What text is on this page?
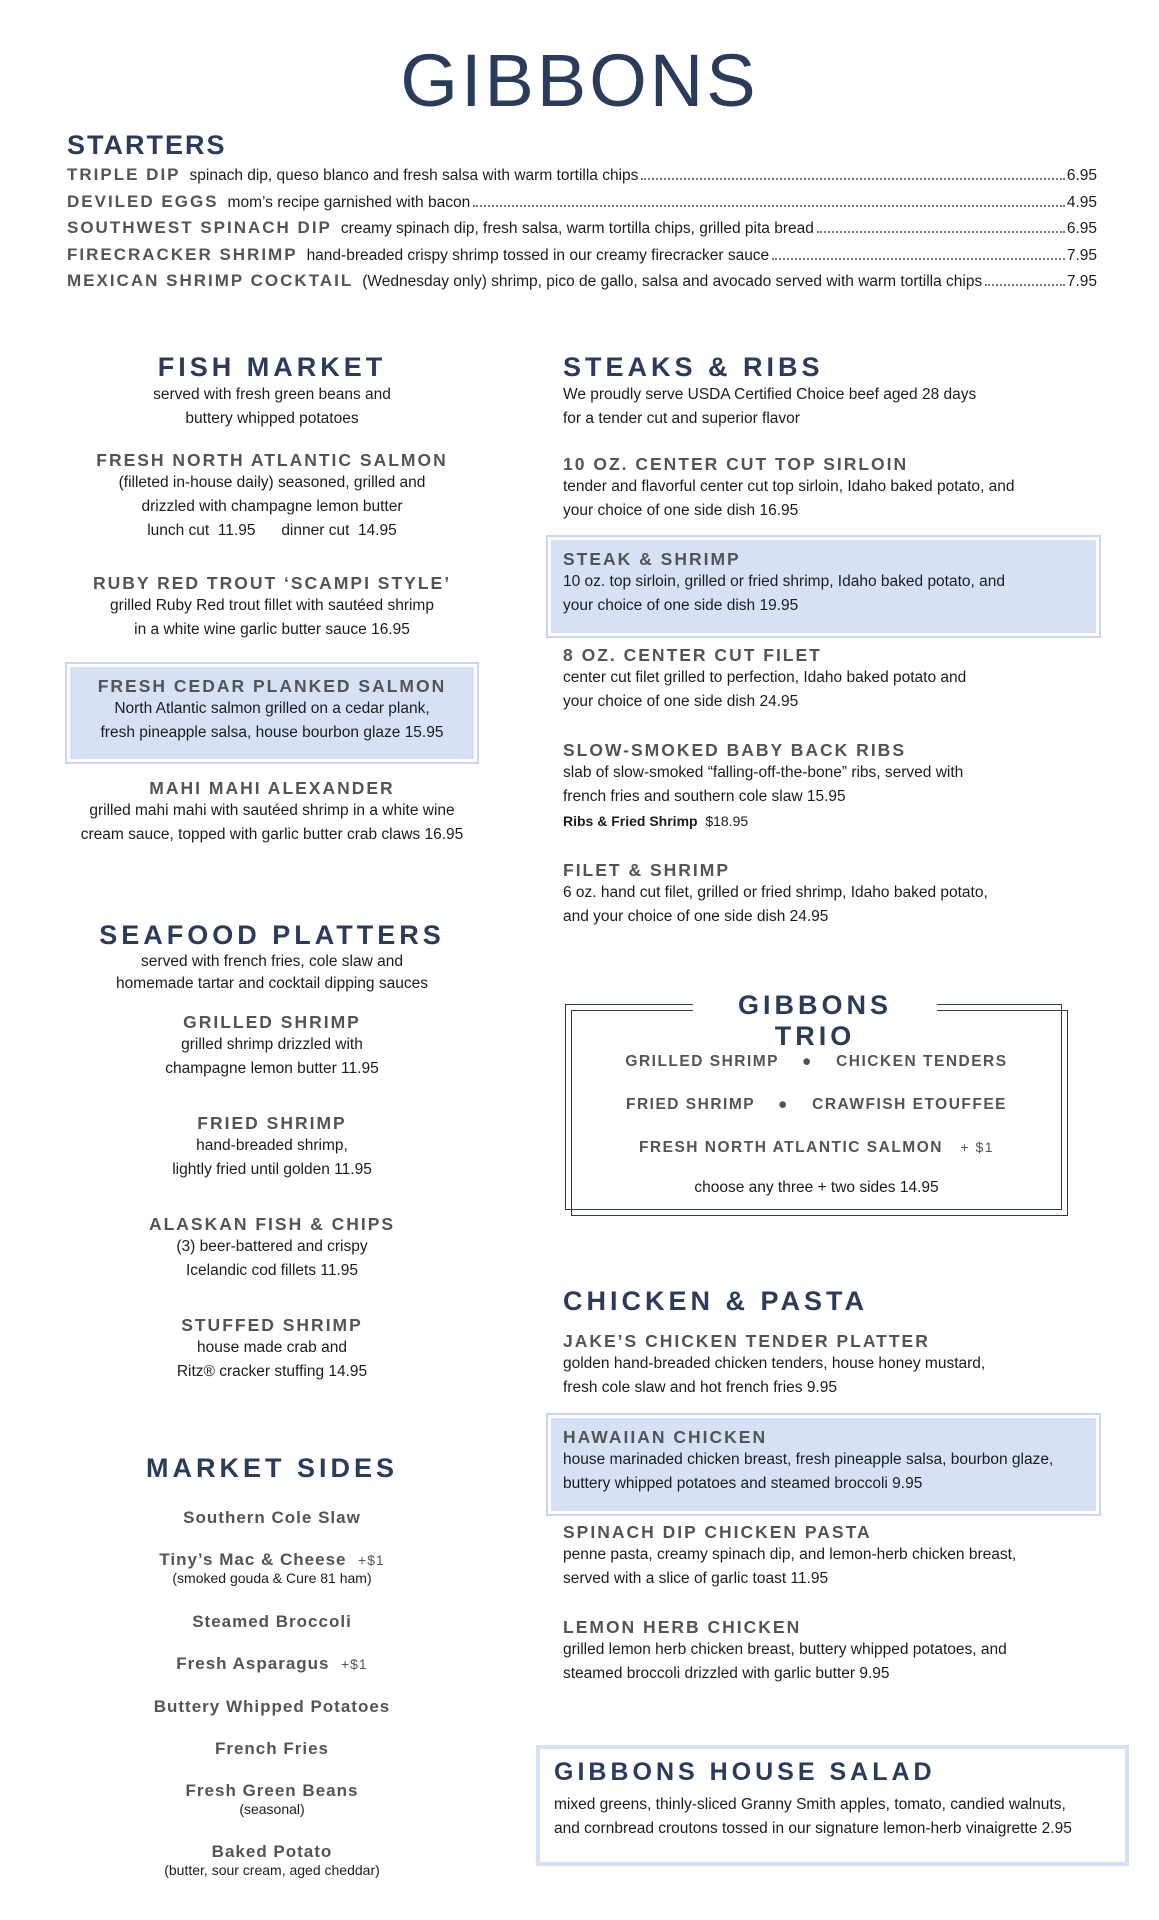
GIBBONS
STARTERS
TRIPLE DIP spinach dip, queso blanco and fresh salsa with warm tortilla chips	6.95
DEVILED EGGS mom’s recipe garnished with bacon	4.95
SOUTHWEST SPINACH DIP creamy spinach dip, fresh salsa, warm tortilla chips, grilled pita bread	6.95
FIRECRACKER SHRIMP hand-breaded crispy shrimp tossed in our creamy firecracker sauce	7.95
MEXICAN SHRIMP COCKTAIL (Wednesday only) shrimp, pico de gallo, salsa and avocado served with warm tortilla chips	7.95
FISH MARKET
served with fresh green beans and
buttery whipped potatoes
FRESH NORTH ATLANTIC SALMON
(filleted in-house daily) seasoned, grilled and
drizzled with champagne lemon butter
lunch cut  11.95      dinner cut  14.95
RUBY RED TROUT ‘SCAMPI STYLE’
grilled Ruby Red trout fillet with sautéed shrimp
in a white wine garlic butter sauce 16.95
FRESH CEDAR PLANKED SALMON
North Atlantic salmon grilled on a cedar plank,
fresh pineapple salsa, house bourbon glaze 15.95
MAHI MAHI ALEXANDER
grilled mahi mahi with sautéed shrimp in a white wine
cream sauce, topped with garlic butter crab claws 16.95
SEAFOOD PLATTERS
served with french fries, cole slaw and
homemade tartar and cocktail dipping sauces
GRILLED SHRIMP
grilled shrimp drizzled with
champagne lemon butter 11.95
FRIED SHRIMP
hand-breaded shrimp,
lightly fried until golden 11.95
ALASKAN FISH & CHIPS
(3) beer-battered and crispy
Icelandic cod fillets 11.95
STUFFED SHRIMP
house made crab and
Ritz® cracker stuffing 14.95
MARKET SIDES
Southern Cole Slaw
Tiny’s Mac & Cheese +$1
(smoked gouda & Cure 81 ham)
Steamed Broccoli
Fresh Asparagus +$1
Buttery Whipped Potatoes
French Fries
Fresh Green Beans
(seasonal)
Baked Potato
(butter, sour cream, aged cheddar)
STEAKS & RIBS
We proudly serve USDA Certified Choice beef aged 28 days
for a tender cut and superior flavor
10 OZ. CENTER CUT TOP SIRLOIN
tender and flavorful center cut top sirloin, Idaho baked potato, and
your choice of one side dish 16.95
STEAK & SHRIMP
10 oz. top sirloin, grilled or fried shrimp, Idaho baked potato, and
your choice of one side dish 19.95
8 OZ. CENTER CUT FILET
center cut filet grilled to perfection, Idaho baked potato and
your choice of one side dish 24.95
SLOW-SMOKED BABY BACK RIBS
slab of slow-smoked “falling-off-the-bone” ribs, served with
french fries and southern cole slaw 15.95
Ribs & Fried Shrimp $18.95
FILET & SHRIMP
6 oz. hand cut filet, grilled or fried shrimp, Idaho baked potato,
and your choice of one side dish 24.95
GIBBONS TRIO
GRILLED SHRIMP ● CHICKEN TENDERS
FRIED SHRIMP ● CRAWFISH ETOUFFEE
FRESH NORTH ATLANTIC SALMON + $1
choose any three + two sides 14.95
CHICKEN & PASTA
JAKE’S CHICKEN TENDER PLATTER
golden hand-breaded chicken tenders, house honey mustard,
fresh cole slaw and hot french fries 9.95
HAWAIIAN CHICKEN
house marinaded chicken breast, fresh pineapple salsa, bourbon glaze,
buttery whipped potatoes and steamed broccoli 9.95
SPINACH DIP CHICKEN PASTA
penne pasta, creamy spinach dip, and lemon-herb chicken breast,
served with a slice of garlic toast 11.95
LEMON HERB CHICKEN
grilled lemon herb chicken breast, buttery whipped potatoes, and
steamed broccoli drizzled with garlic butter 9.95
GIBBONS HOUSE SALAD
mixed greens, thinly-sliced Granny Smith apples, tomato, candied walnuts,
and cornbread croutons tossed in our signature lemon-herb vinaigrette 2.95
